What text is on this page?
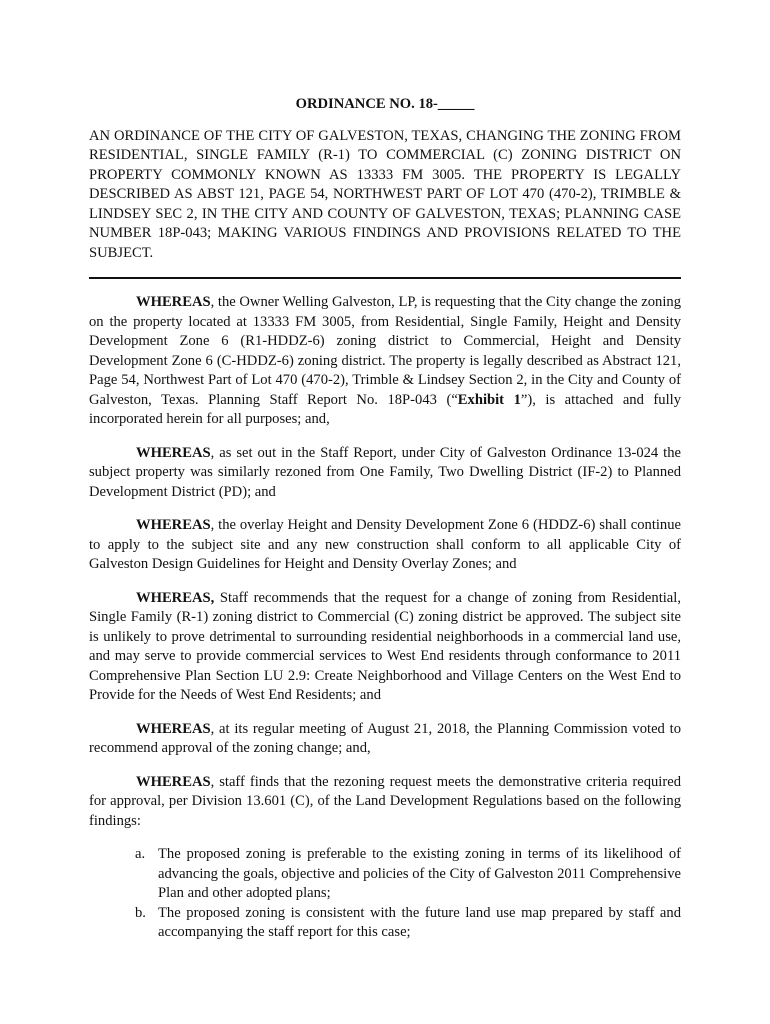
ORDINANCE NO. 18-_____

AN ORDINANCE OF THE CITY OF GALVESTON, TEXAS, CHANGING THE ZONING FROM RESIDENTIAL, SINGLE FAMILY (R-1) TO COMMERCIAL (C) ZONING DISTRICT ON PROPERTY COMMONLY KNOWN AS 13333 FM 3005. THE PROPERTY IS LEGALLY DESCRIBED AS ABST 121, PAGE 54, NORTHWEST PART OF LOT 470 (470-2), TRIMBLE & LINDSEY SEC 2, IN THE CITY AND COUNTY OF GALVESTON, TEXAS; PLANNING CASE NUMBER 18P-043; MAKING VARIOUS FINDINGS AND PROVISIONS RELATED TO THE SUBJECT.

WHEREAS, the Owner Welling Galveston, LP, is requesting that the City change the zoning on the property located at 13333 FM 3005, from Residential, Single Family, Height and Density Development Zone 6 (R1-HDDZ-6) zoning district to Commercial, Height and Density Development Zone 6 (C-HDDZ-6) zoning district. The property is legally described as Abstract 121, Page 54, Northwest Part of Lot 470 (470-2), Trimble & Lindsey Section 2, in the City and County of Galveston, Texas. Planning Staff Report No. 18P-043 (“Exhibit 1”), is attached and fully incorporated herein for all purposes; and,

WHEREAS, as set out in the Staff Report, under City of Galveston Ordinance 13-024 the subject property was similarly rezoned from One Family, Two Dwelling District (IF-2) to Planned Development District (PD); and

WHEREAS, the overlay Height and Density Development Zone 6 (HDDZ-6) shall continue to apply to the subject site and any new construction shall conform to all applicable City of Galveston Design Guidelines for Height and Density Overlay Zones; and

WHEREAS, Staff recommends that the request for a change of zoning from Residential, Single Family (R-1) zoning district to Commercial (C) zoning district be approved. The subject site is unlikely to prove detrimental to surrounding residential neighborhoods in a commercial land use, and may serve to provide commercial services to West End residents through conformance to 2011 Comprehensive Plan Section LU 2.9: Create Neighborhood and Village Centers on the West End to Provide for the Needs of West End Residents; and

WHEREAS, at its regular meeting of August 21, 2018, the Planning Commission voted to recommend approval of the zoning change; and,

WHEREAS, staff finds that the rezoning request meets the demonstrative criteria required for approval, per Division 13.601 (C), of the Land Development Regulations based on the following findings:

a. The proposed zoning is preferable to the existing zoning in terms of its likelihood of advancing the goals, objective and policies of the City of Galveston 2011 Comprehensive Plan and other adopted plans;
b. The proposed zoning is consistent with the future land use map prepared by staff and accompanying the staff report for this case;
